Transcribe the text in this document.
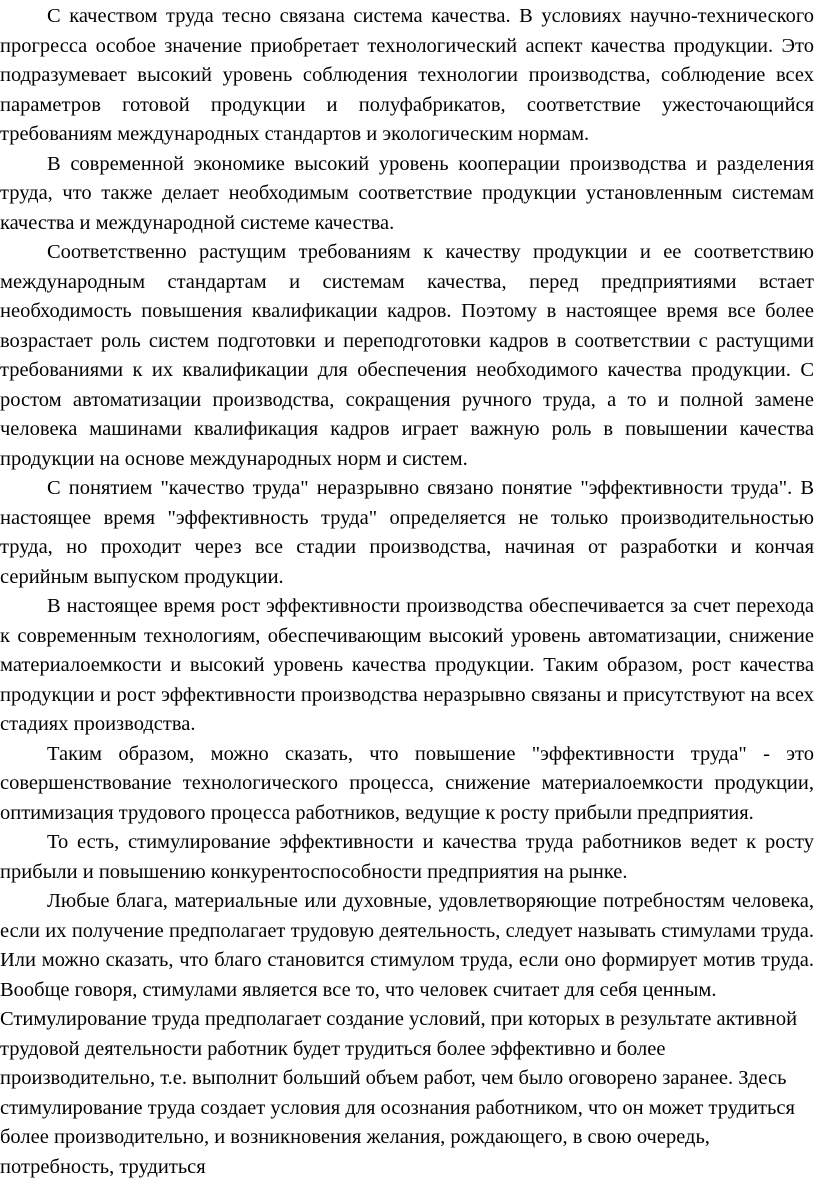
С качеством труда тесно связана система качества. В условиях научно-технического прогресса особое значение приобретает технологический аспект качества продукции. Это подразумевает высокий уровень соблюдения технологии производства, соблюдение всех параметров готовой продукции и полуфабрикатов, соответствие ужесточающийся требованиям международных стандартов и экологическим нормам.

В современной экономике высокий уровень кооперации производства и разделения труда, что также делает необходимым соответствие продукции установленным системам качества и международной системе качества.

Соответственно растущим требованиям к качеству продукции и ее соответствию международным стандартам и системам качества, перед предприятиями встает необходимость повышения квалификации кадров. Поэтому в настоящее время все более возрастает роль систем подготовки и переподготовки кадров в соответствии с растущими требованиями к их квалификации для обеспечения необходимого качества продукции. С ростом автоматизации производства, сокращения ручного труда, а то и полной замене человека машинами квалификация кадров играет важную роль в повышении качества продукции на основе международных норм и систем.

С понятием "качество труда" неразрывно связано понятие "эффективности труда". В настоящее время "эффективность труда" определяется не только производительностью труда, но проходит через все стадии производства, начиная от разработки и кончая серийным выпуском продукции.

В настоящее время рост эффективности производства обеспечивается за счет перехода к современным технологиям, обеспечивающим высокий уровень автоматизации, снижение материалоемкости и высокий уровень качества продукции. Таким образом, рост качества продукции и рост эффективности производства неразрывно связаны и присутствуют на всех стадиях производства.

Таким образом, можно сказать, что повышение "эффективности труда" - это совершенствование технологического процесса, снижение материалоемкости продукции, оптимизация трудового процесса работников, ведущие к росту прибыли предприятия.

То есть, стимулирование эффективности и качества труда работников ведет к росту прибыли и повышению конкурентоспособности предприятия на рынке.

Любые блага, материальные или духовные, удовлетворяющие потребностям человека, если их получение предполагает трудовую деятельность, следует называть стимулами труда. Или можно сказать, что благо становится стимулом труда, если оно формирует мотив труда. Вообще говоря, стимулами является все то, что человек считает для себя ценным.

Стимулирование труда предполагает создание условий, при которых в результате активной трудовой деятельности работник будет трудиться более эффективно и более производительно, т.е. выполнит больший объем работ, чем было оговорено заранее. Здесь стимулирование труда создает условия для осознания работником, что он может трудиться более производительно, и возникновения желания, рождающего, в свою очередь, потребность, трудиться
